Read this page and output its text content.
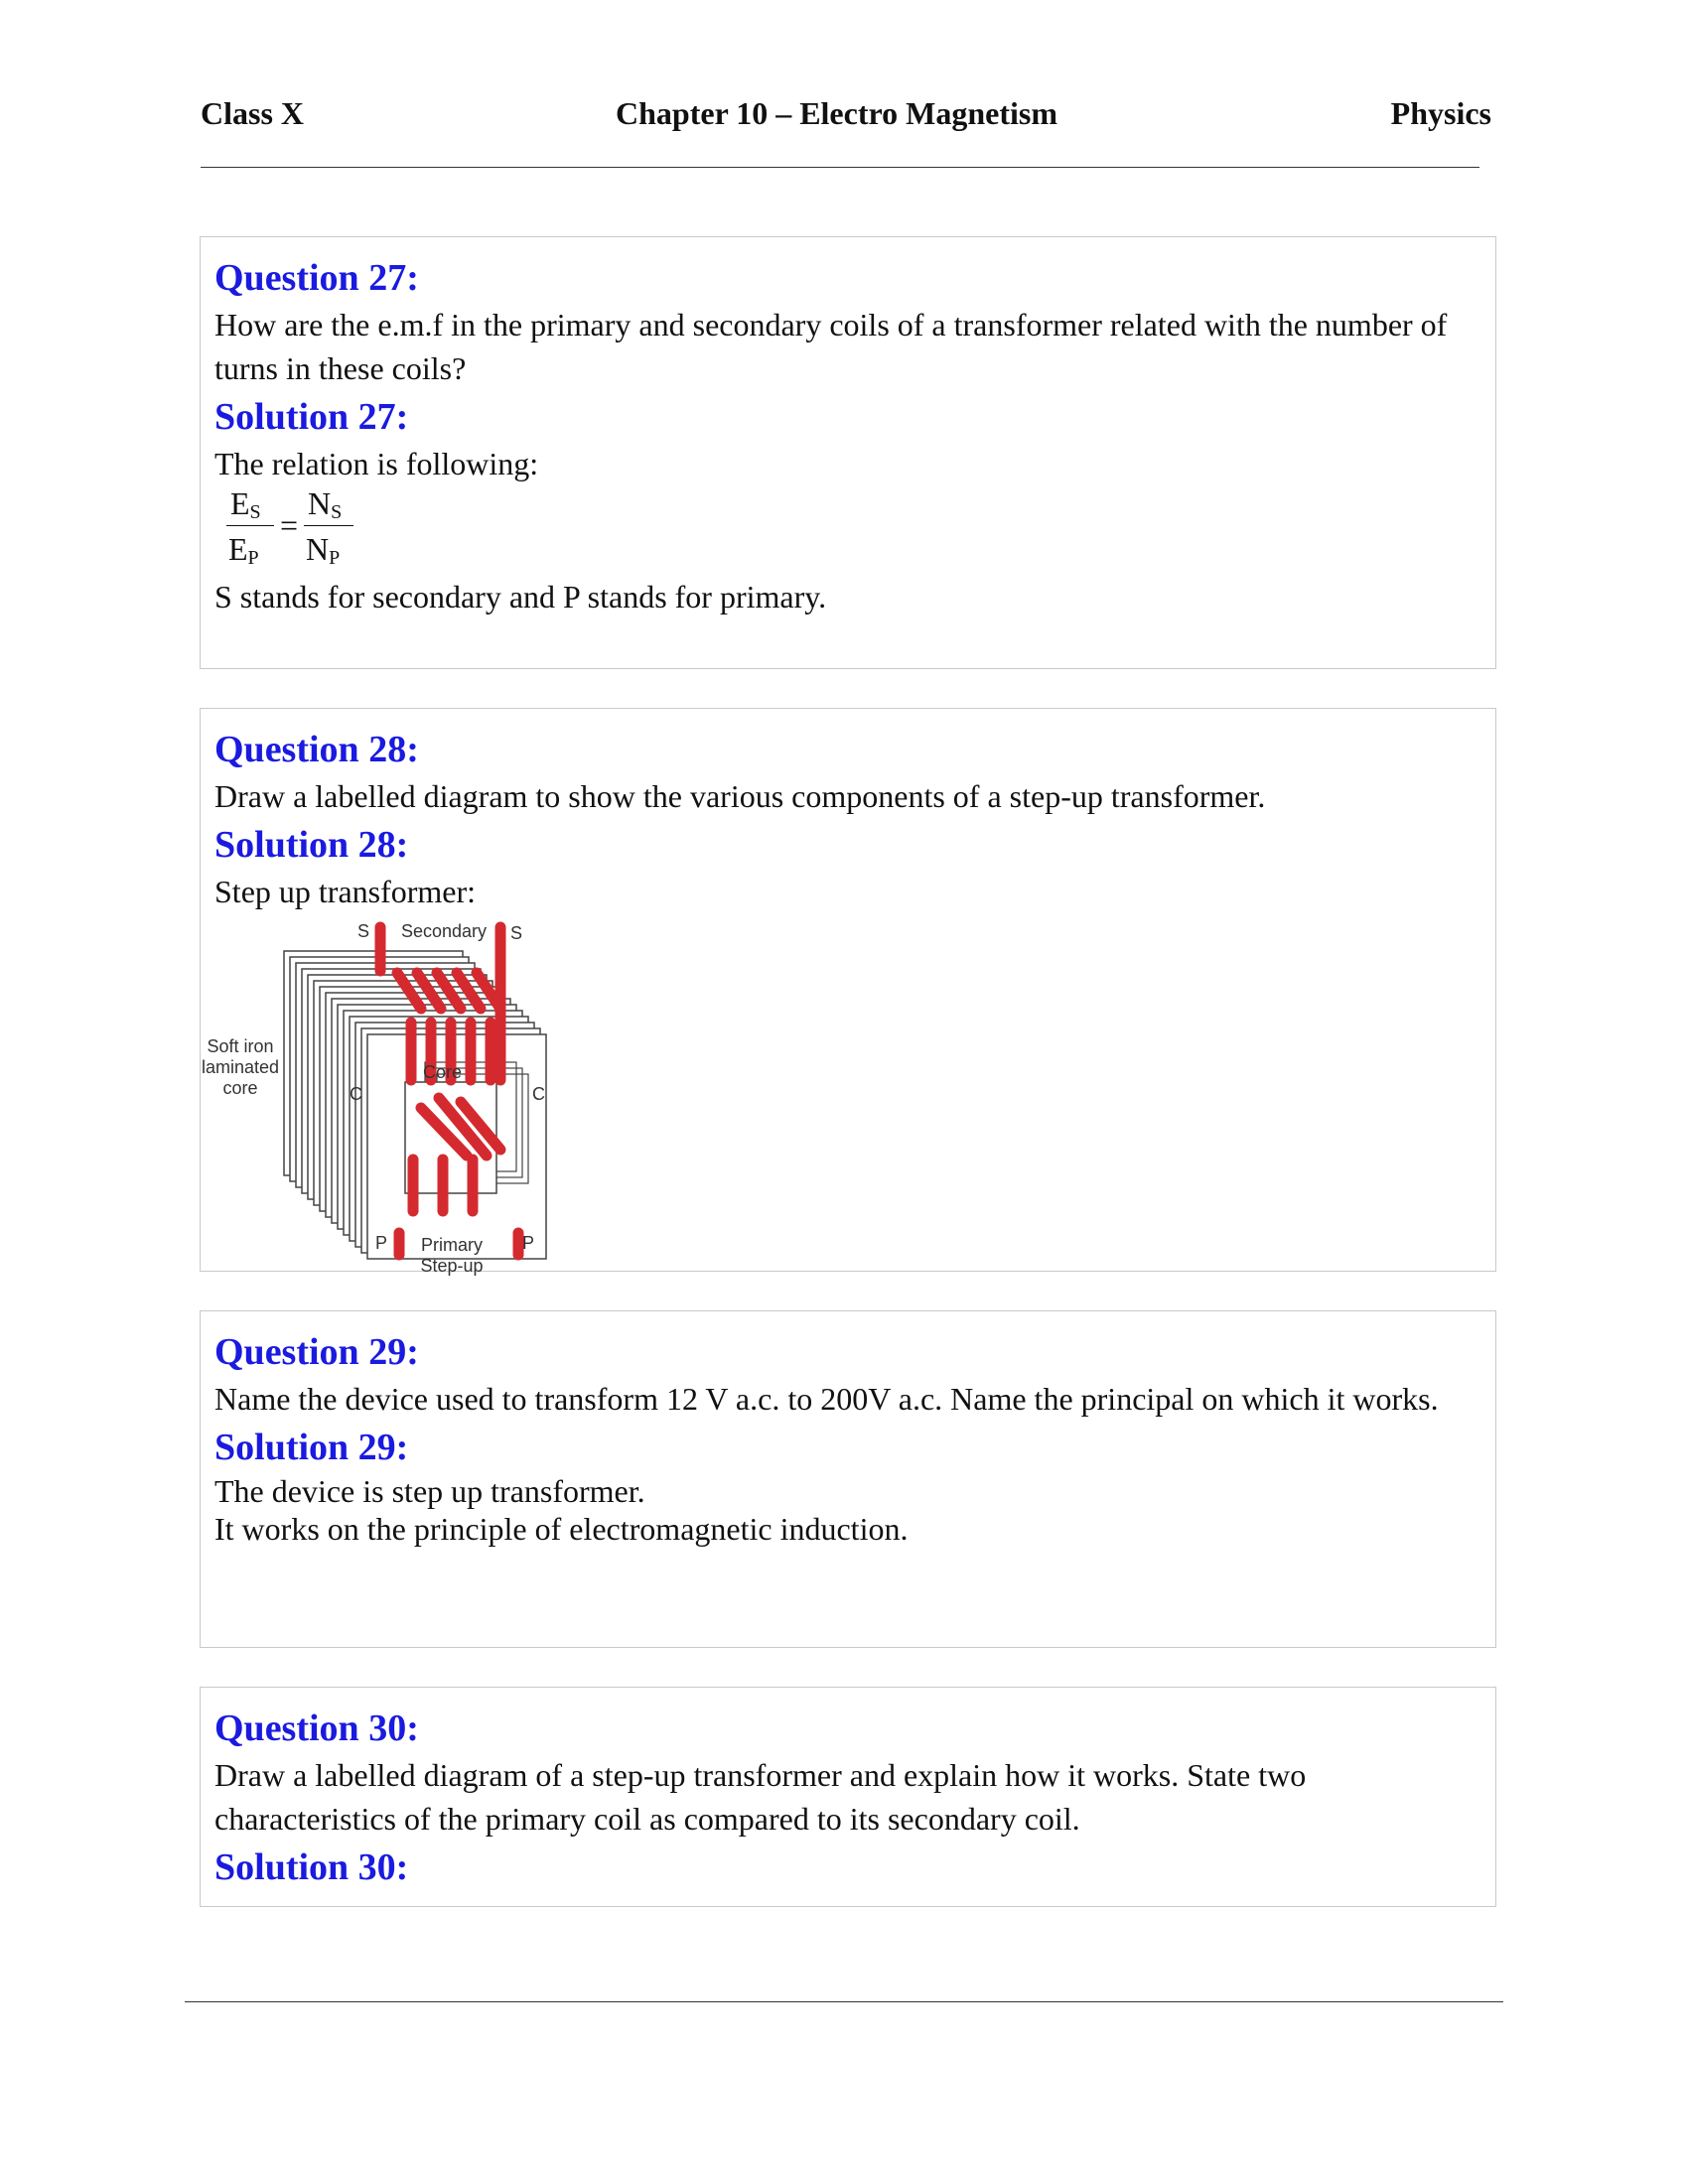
Class X	Chapter 10 – Electro Magnetism	Physics
Question 27:
How are the e.m.f in the primary and secondary coils of a transformer related with the number of turns in these coils?
Solution 27:
The relation is following:
$E_S$
$E_P$
=
$N_S$
$N_P$
S stands for secondary and P stands for primary.
Question 28:
Draw a labelled diagram to show the various components of a step-up transformer.
Solution 28:
Step up transformer:
S Secondary S
Soft iron
laminated
core
Core
C	C
P	P
Primary
Step-up
Question 29:
Name the device used to transform 12 V a.c. to 200V a.c. Name the principal on which it works.
Solution 29:
The device is step up transformer.
It works on the principle of electromagnetic induction.
Question 30:
Draw a labelled diagram of a step-up transformer and explain how it works. State two characteristics of the primary coil as compared to its secondary coil.
Solution 30:
